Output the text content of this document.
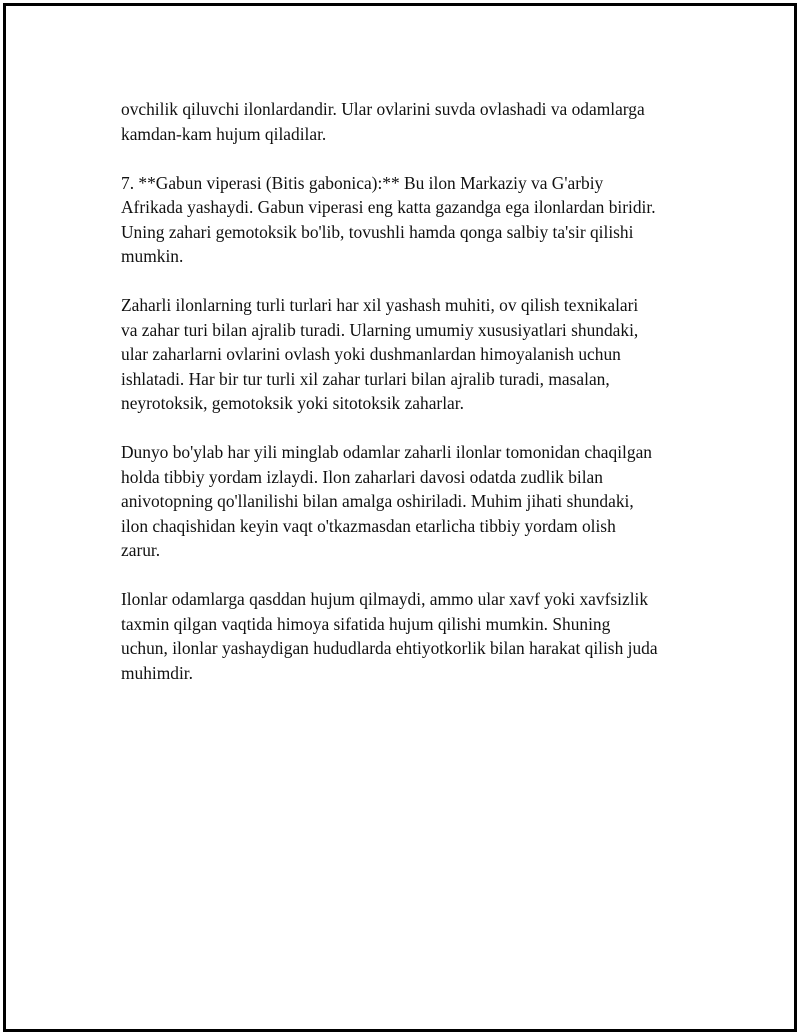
ovchilik qiluvchi ilonlardandir. Ular ovlarini suvda ovlashadi va odamlarga
kamdan-kam hujum qiladilar.

7. **Gabun viperasi (Bitis gabonica):** Bu ilon Markaziy va G'arbiy
Afrikada yashaydi. Gabun viperasi eng katta gazandga ega ilonlardan biridir.
Uning zahari gemotoksik bo'lib, tovushli hamda qonga salbiy ta'sir qilishi
mumkin.

Zaharli ilonlarning turli turlari har xil yashash muhiti, ov qilish texnikalari
va zahar turi bilan ajralib turadi. Ularning umumiy xususiyatlari shundaki,
ular zaharlarni ovlarini ovlash yoki dushmanlardan himoyalanish uchun
ishlatadi. Har bir tur turli xil zahar turlari bilan ajralib turadi, masalan,
neyrotoksik, gemotoksik yoki sitotoksik zaharlar.

Dunyo bo'ylab har yili minglab odamlar zaharli ilonlar tomonidan chaqilgan
holda tibbiy yordam izlaydi. Ilon zaharlari davosi odatda zudlik bilan
anivotopning qo'llanilishi bilan amalga oshiriladi. Muhim jihati shundaki,
ilon chaqishidan keyin vaqt o'tkazmasdan etarlicha tibbiy yordam olish
zarur.

Ilonlar odamlarga qasddan hujum qilmaydi, ammo ular xavf yoki xavfsizlik
taxmin qilgan vaqtida himoya sifatida hujum qilishi mumkin. Shuning
uchun, ilonlar yashaydigan hududlarda ehtiyotkorlik bilan harakat qilish juda
muhimdir.
